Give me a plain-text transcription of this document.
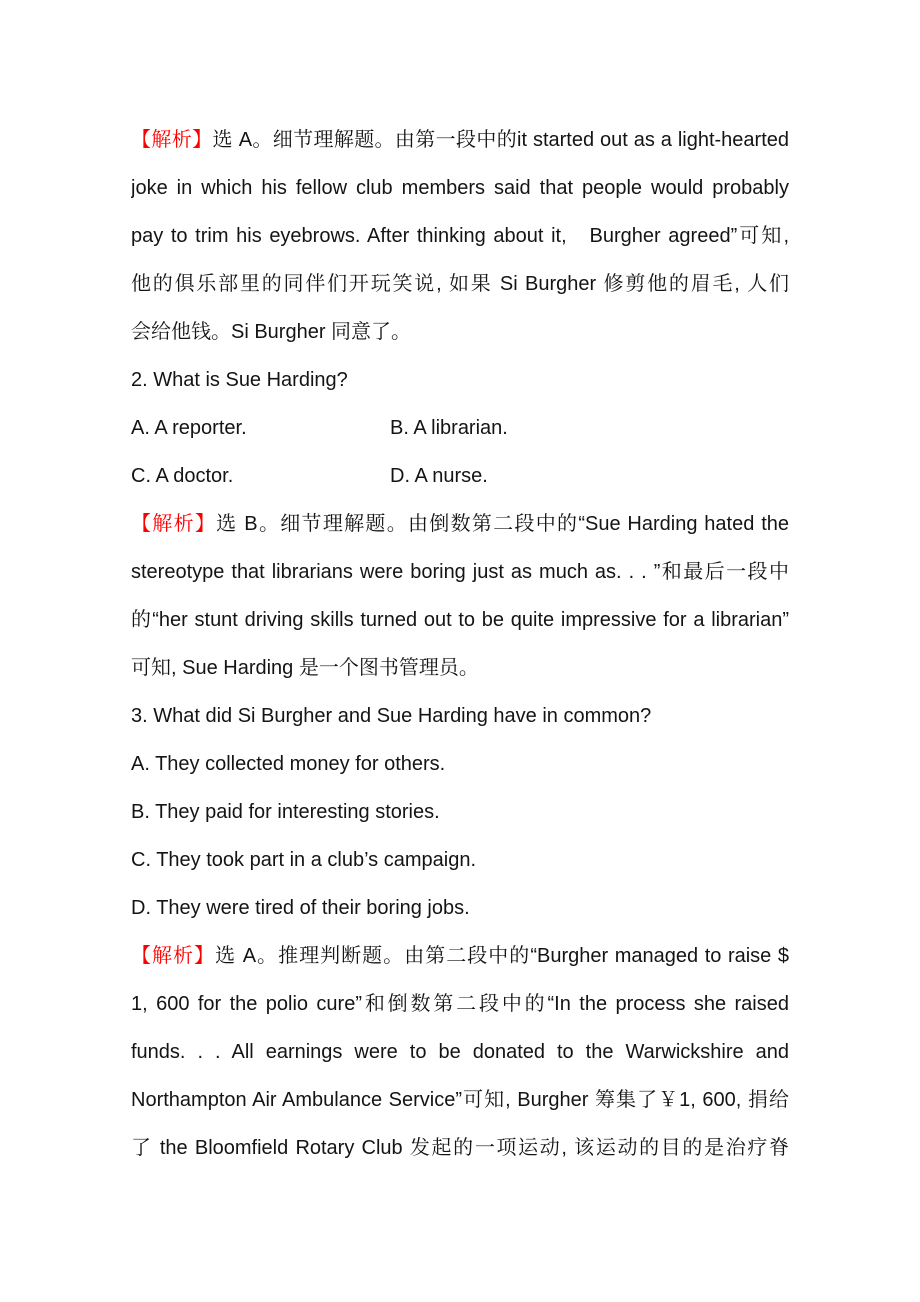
【解析】选 A。细节理解题。由第一段中的it started out as a light-hearted
joke in which his fellow club members said that people would probably
pay to trim his eyebrows. After thinking about it,   Burgher agreed”可知,
他的俱乐部里的同伴们开玩笑说, 如果 Si Burgher 修剪他的眉毛, 人们
会给他钱。Si Burgher 同意了。
2. What is Sue Harding?
A. A reporter.	B. A librarian.
C. A doctor.	D. A nurse.
【解析】选 B。细节理解题。由倒数第二段中的“Sue Harding hated the
stereotype that librarians were boring just as much as. . . ”和最后一段中
的“her stunt driving skills turned out to be quite impressive for a librarian”
可知, Sue Harding 是一个图书管理员。
3. What did Si Burgher and Sue Harding have in common?
A. They collected money for others.
B. They paid for interesting stories.
C. They took part in a club’s campaign.
D. They were tired of their boring jobs.
【解析】选 A。推理判断题。由第二段中的“Burgher managed to raise $
1, 600 for the polio cure”和倒数第二段中的“In the process she raised
funds. . . All earnings were to be donated to the Warwickshire and
Northampton Air Ambulance Service”可知, Burgher 筹集了￥1, 600, 捐给
了 the Bloomfield Rotary Club 发起的一项运动, 该运动的目的是治疗脊
